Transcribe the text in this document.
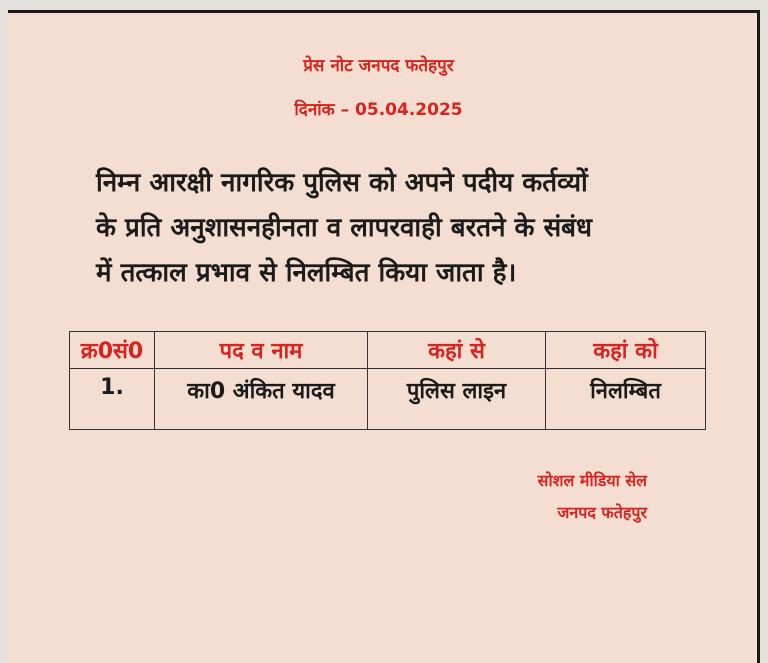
प्रेस नोट जनपद फतेहपुर
दिनांक – 05.04.2025
निम्न आरक्षी नागरिक पुलिस को अपने पदीय कर्तव्यों
के प्रति अनुशासनहीनता व लापरवाही बरतने के संबंध
में तत्काल प्रभाव से निलम्बित किया जाता है।
क्र0सं0	पद व नाम	कहां से	कहां को
1.	का0 अंकित यादव	पुलिस लाइन	निलम्बित
सोशल मीडिया सेल
जनपद फतेहपुर
